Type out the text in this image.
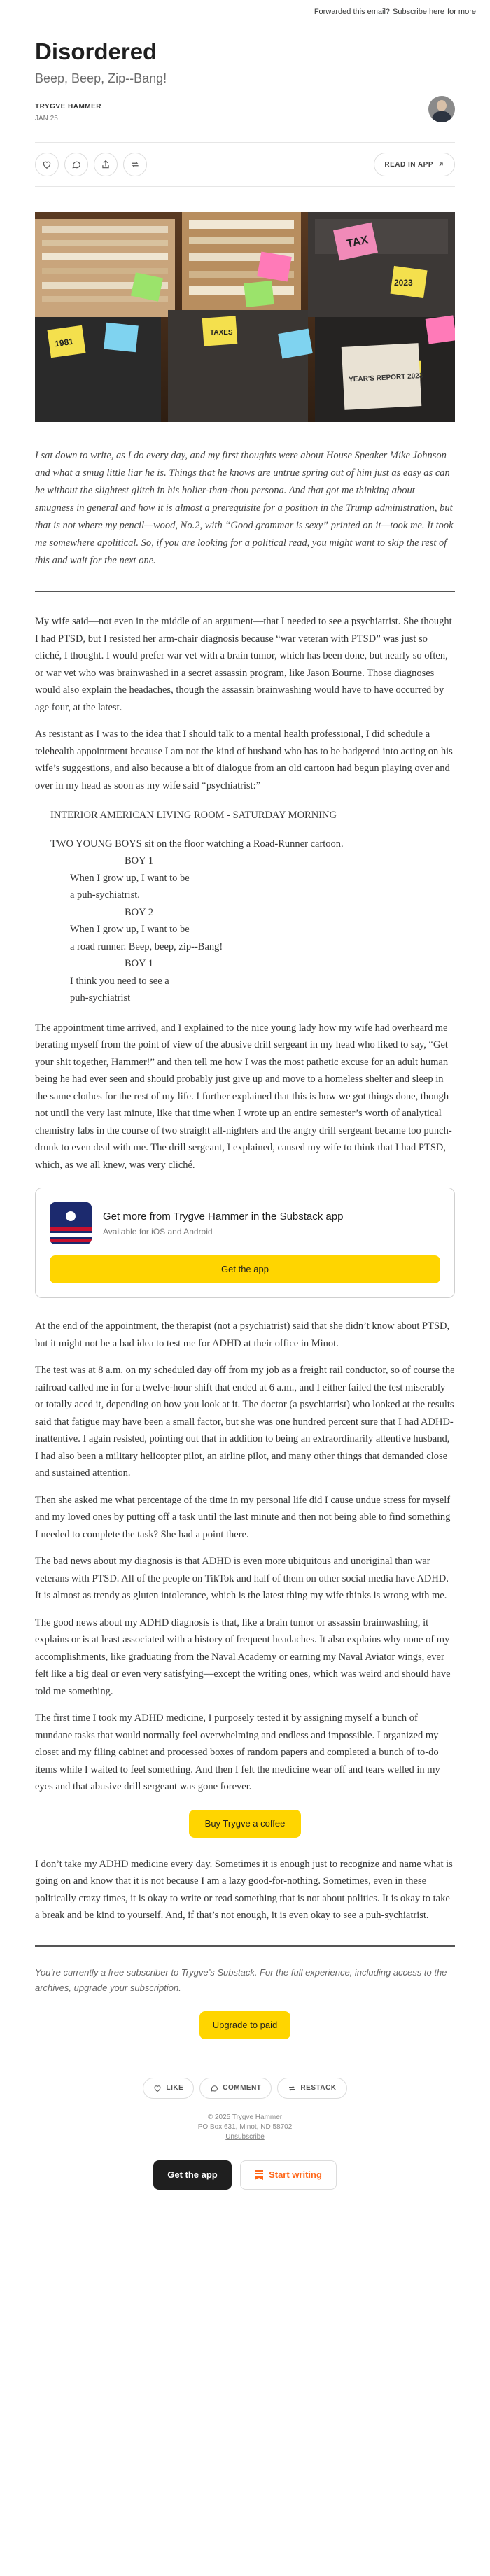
Forwarded this email? Subscribe here for more
Disordered
Beep, Beep, Zip--Bang!
TRYGVE HAMMER
JAN 25
READ IN APP
TAX
TAXES
1981
2023
YEAR'S REPORT 2023

I sat down to write, as I do every day, and my first thoughts were about House Speaker Mike Johnson and what a smug little liar he is. Things that he knows are untrue spring out of him just as easy as can be without the slightest glitch in his holier-than-thou persona. And that got me thinking about smugness in general and how it is almost a prerequisite for a position in the Trump administration, but that is not where my pencil—wood, No.2, with “Good grammar is sexy” printed on it—took me. It took me somewhere apolitical. So, if you are looking for a political read, you might want to skip the rest of this and wait for the next one.

My wife said—not even in the middle of an argument—that I needed to see a psychiatrist. She thought I had PTSD, but I resisted her arm-chair diagnosis because “war veteran with PTSD” was just so cliché, I thought. I would prefer war vet with a brain tumor, which has been done, but nearly so often, or war vet who was brainwashed in a secret assassin program, like Jason Bourne. Those diagnoses would also explain the headaches, though the assassin brainwashing would have to have occurred by age four, at the latest.

As resistant as I was to the idea that I should talk to a mental health professional, I did schedule a telehealth appointment because I am not the kind of husband who has to be badgered into acting on his wife’s suggestions, and also because a bit of dialogue from an old cartoon had begun playing over and over in my head as soon as my wife said “psychiatrist:”

INTERIOR AMERICAN LIVING ROOM - SATURDAY MORNING
TWO YOUNG BOYS sit on the floor watching a Road-Runner cartoon.
BOY 1
When I grow up, I want to be
a puh-sychiatrist.
BOY 2
When I grow up, I want to be
a road runner. Beep, beep, zip--Bang!
BOY 1
I think you need to see a
puh-sychiatrist

The appointment time arrived, and I explained to the nice young lady how my wife had overheard me berating myself from the point of view of the abusive drill sergeant in my head who liked to say, “Get your shit together, Hammer!” and then tell me how I was the most pathetic excuse for an adult human being he had ever seen and should probably just give up and move to a homeless shelter and sleep in the same clothes for the rest of my life. I further explained that this is how we got things done, though not until the very last minute, like that time when I wrote up an entire semester’s worth of analytical chemistry labs in the course of two straight all-nighters and the angry drill sergeant became too punch-drunk to even deal with me. The drill sergeant, I explained, caused my wife to think that I had PTSD, which, as we all knew, was very cliché.

Get more from Trygve Hammer in the Substack app
Available for iOS and Android
Get the app

At the end of the appointment, the therapist (not a psychiatrist) said that she didn’t know about PTSD, but it might not be a bad idea to test me for ADHD at their office in Minot.

The test was at 8 a.m. on my scheduled day off from my job as a freight rail conductor, so of course the railroad called me in for a twelve-hour shift that ended at 6 a.m., and I either failed the test miserably or totally aced it, depending on how you look at it. The doctor (a psychiatrist) who looked at the results said that fatigue may have been a small factor, but she was one hundred percent sure that I had ADHD-inattentive. I again resisted, pointing out that in addition to being an extraordinarily attentive husband, I had also been a military helicopter pilot, an airline pilot, and many other things that demanded close and sustained attention.

Then she asked me what percentage of the time in my personal life did I cause undue stress for myself and my loved ones by putting off a task until the last minute and then not being able to find something I needed to complete the task? She had a point there.

The bad news about my diagnosis is that ADHD is even more ubiquitous and unoriginal than war veterans with PTSD. All of the people on TikTok and half of them on other social media have ADHD. It is almost as trendy as gluten intolerance, which is the latest thing my wife thinks is wrong with me.

The good news about my ADHD diagnosis is that, like a brain tumor or assassin brainwashing, it explains or is at least associated with a history of frequent headaches. It also explains why none of my accomplishments, like graduating from the Naval Academy or earning my Naval Aviator wings, ever felt like a big deal or even very satisfying—except the writing ones, which was weird and should have told me something.

The first time I took my ADHD medicine, I purposely tested it by assigning myself a bunch of mundane tasks that would normally feel overwhelming and endless and impossible. I organized my closet and my filing cabinet and processed boxes of random papers and completed a bunch of to-do items while I waited to feel something. And then I felt the medicine wear off and tears welled in my eyes and that abusive drill sergeant was gone forever.

Buy Trygve a coffee

I don’t take my ADHD medicine every day. Sometimes it is enough just to recognize and name what is going on and know that it is not because I am a lazy good-for-nothing. Sometimes, even in these politically crazy times, it is okay to write or read something that is not about politics. It is okay to take a break and be kind to yourself. And, if that’s not enough, it is even okay to see a puh-sychiatrist.

You’re currently a free subscriber to Trygve’s Substack. For the full experience, including access to the archives, upgrade your subscription.

Upgrade to paid
LIKE	COMMENT	RESTACK
© 2025 Trygve Hammer
PO Box 631, Minot, ND 58702
Unsubscribe
Get the app	Start writing
